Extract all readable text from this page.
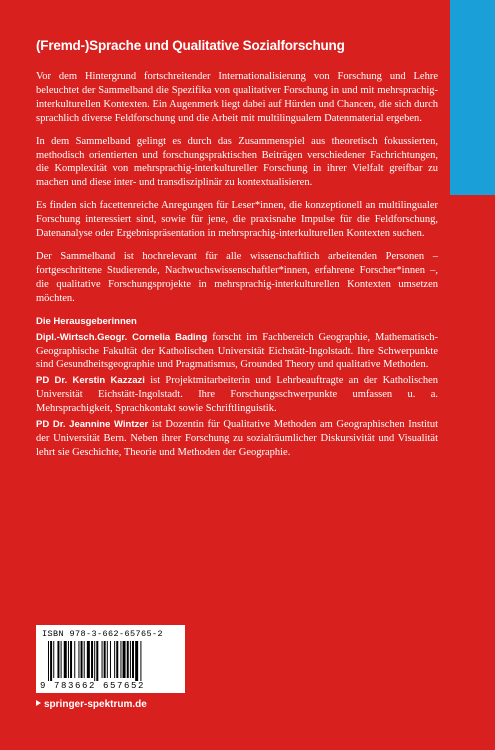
(Fremd-)Sprache und Qualitative Sozialforschung

Vor dem Hintergrund fortschreitender Internationalisierung von Forschung und Lehre beleuchtet der Sammelband die Spezifika von qualitativer Forschung in und mit mehrsprachig-interkulturellen Kontexten. Ein Augenmerk liegt dabei auf Hürden und Chancen, die sich durch sprachlich diverse Feldforschung und die Arbeit mit multilingualem Datenmaterial ergeben.

In dem Sammelband gelingt es durch das Zusammenspiel aus theoretisch fokussierten, methodisch orientierten und forschungspraktischen Beiträgen verschiedener Fachrichtungen, die Komplexität von mehrsprachig-interkultureller Forschung in ihrer Vielfalt greifbar zu machen und diese inter- und transdisziplinär zu kontextualisieren.

Es finden sich facettenreiche Anregungen für Leser*innen, die konzeptionell an multilingualer Forschung interessiert sind, sowie für jene, die praxisnahe Impulse für die Feldforschung, Datenanalyse oder Ergebnispräsentation in mehrsprachig-interkulturellen Kontexten suchen.

Der Sammelband ist hochrelevant für alle wissenschaftlich arbeitenden Personen – fortgeschrittene Studierende, Nachwuchswissenschaftler*innen, erfahrene Forscher*innen –, die qualitative Forschungsprojekte in mehrsprachig-interkulturellen Kontexten umsetzen möchten.

Die Herausgeberinnen
Dipl.-Wirtsch.Geogr. Cornelia Bading forscht im Fachbereich Geographie, Mathematisch-Geographische Fakultät der Katholischen Universität Eichstätt-Ingolstadt. Ihre Schwerpunkte sind Gesundheitsgeographie und Pragmatismus, Grounded Theory und qualitative Methoden.
PD Dr. Kerstin Kazzazi ist Projektmitarbeiterin und Lehrbeauftragte an der Katholischen Universität Eichstätt-Ingolstadt. Ihre Forschungsschwerpunkte umfassen u. a. Mehrsprachigkeit, Sprachkontakt sowie Schriftlinguistik.
PD Dr. Jeannine Wintzer ist Dozentin für Qualitative Methoden am Geographischen Institut der Universität Bern. Neben ihrer Forschung zu sozialräumlicher Diskursivität und Visualität lehrt sie Geschichte, Theorie und Methoden der Geographie.
ISBN 978-3-662-65765-2
9 783662 657652
springer-spektrum.de
